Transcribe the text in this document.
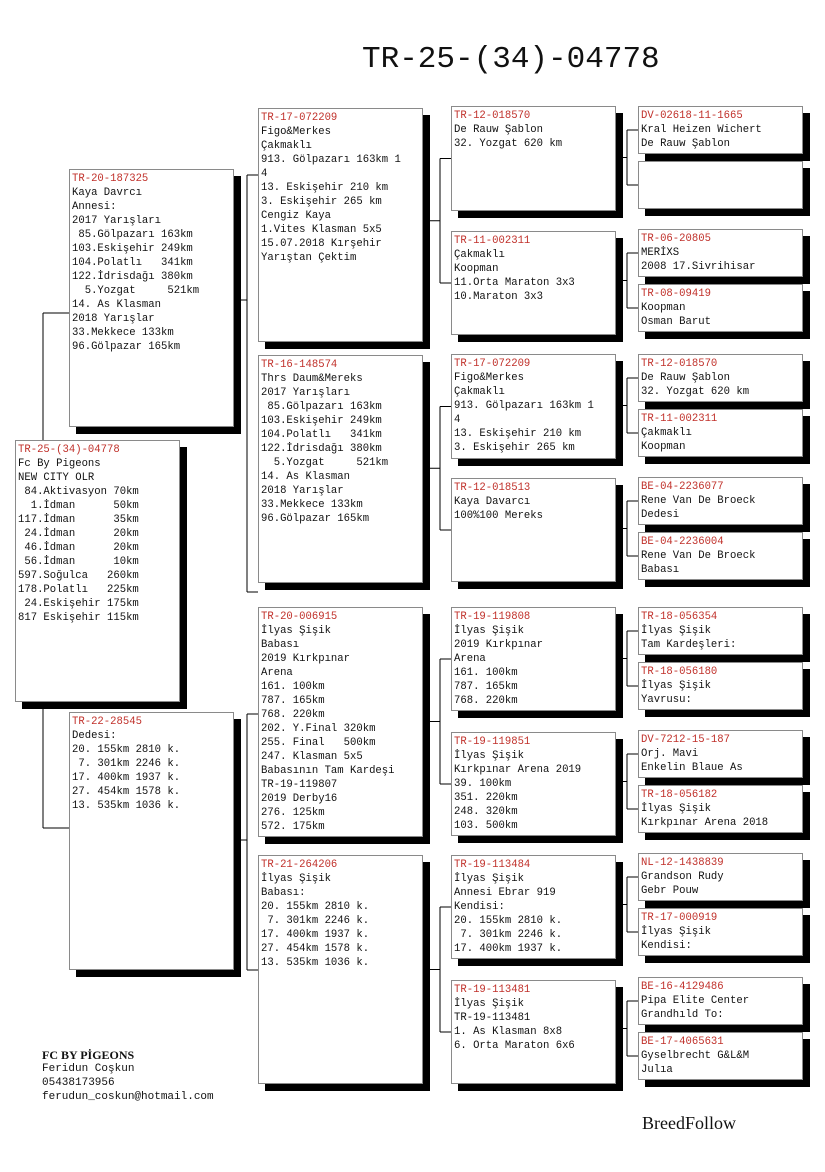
TR-25-(34)-04778
TR-25-(34)-04778
Fc By Pigeons
NEW CITY OLR
84.Aktivasyon 70km
1.İdman      50km
117.İdman      35km
24.İdman      20km
46.İdman      20km
56.İdman      10km
597.Soğulca   260km
178.Polatlı   225km
24.Eskişehir 175km
817 Eskişehir 115km
TR-20-187325
Kaya Davrcı
Annesi:
2017 Yarışları
85.Gölpazarı 163km
103.Eskişehir 249km
104.Polatlı   341km
122.İdrisdağı 380km
5.Yozgat     521km
14. As Klasman
2018 Yarışlar
33.Mekkece 133km
96.Gölpazar 165km
TR-22-28545
Dedesi:
20. 155km 2810 k.
7. 301km 2246 k.
17. 400km 1937 k.
27. 454km 1578 k.
13. 535km 1036 k.
TR-17-072209
Figo&Merkes
Çakmaklı
913. Gölpazarı 163km 1
4
13. Eskişehir 210 km
3. Eskişehir 265 km
Cengiz Kaya
1.Vites Klasman 5x5
15.07.2018 Kırşehir
Yarıştan Çektim
TR-16-148574
Thrs Daum&Mereks
2017 Yarışları
85.Gölpazarı 163km
103.Eskişehir 249km
104.Polatlı   341km
122.İdrisdağı 380km
5.Yozgat     521km
14. As Klasman
2018 Yarışlar
33.Mekkece 133km
96.Gölpazar 165km
TR-20-006915
İlyas Şişik
Babası
2019 Kırkpınar
Arena
161. 100km
787. 165km
768. 220km
202. Y.Final 320km
255. Final   500km
247. Klasman 5x5
Babasının Tam Kardeşi
TR-19-119807
2019 Derby16
276. 125km
572. 175km
TR-21-264206
İlyas Şişik
Babası:
20. 155km 2810 k.
7. 301km 2246 k.
17. 400km 1937 k.
27. 454km 1578 k.
13. 535km 1036 k.
TR-12-018570
De Rauw Şablon
32. Yozgat 620 km
TR-11-002311
Çakmaklı
Koopman
11.Orta Maraton 3x3
10.Maraton 3x3
TR-17-072209
Figo&Merkes
Çakmaklı
913. Gölpazarı 163km 1
4
13. Eskişehir 210 km
3. Eskişehir 265 km
TR-12-018513
Kaya Davarcı
100%100 Mereks
TR-19-119808
İlyas Şişik
2019 Kırkpınar
Arena
161. 100km
787. 165km
768. 220km
TR-19-119851
İlyas Şişik
Kırkpınar Arena 2019
39. 100km
351. 220km
248. 320km
103. 500km
TR-19-113484
İlyas Şişik
Annesi Ebrar 919
Kendisi:
20. 155km 2810 k.
7. 301km 2246 k.
17. 400km 1937 k.
TR-19-113481
İlyas Şişik
TR-19-113481
1. As Klasman 8x8
6. Orta Maraton 6x6
DV-02618-11-1665
Kral Heizen Wichert
De Rauw Şablon
TR-06-20805
MERİXS
2008 17.Sivrihisar
TR-08-09419
Koopman
Osman Barut
TR-12-018570
De Rauw Şablon
32. Yozgat 620 km
TR-11-002311
Çakmaklı
Koopman
BE-04-2236077
Rene Van De Broeck
Dedesi
BE-04-2236004
Rene Van De Broeck
Babası
TR-18-056354
İlyas Şişik
Tam Kardeşleri:
TR-18-056180
İlyas Şişik
Yavrusu:
DV-7212-15-187
Orj. Mavi
Enkelin Blaue As
TR-18-056182
İlyas Şişik
Kırkpınar Arena 2018
NL-12-1438839
Grandson Rudy
Gebr Pouw
TR-17-000919
İlyas Şişik
Kendisi:
BE-16-4129486
Pipa Elite Center
Grandhıld To:
BE-17-4065631
Gyselbrecht G&L&M
Julıa
FC BY PİGEONS
Feridun Coşkun
05438173956
ferudun_coskun@hotmail.com
BreedFollow
